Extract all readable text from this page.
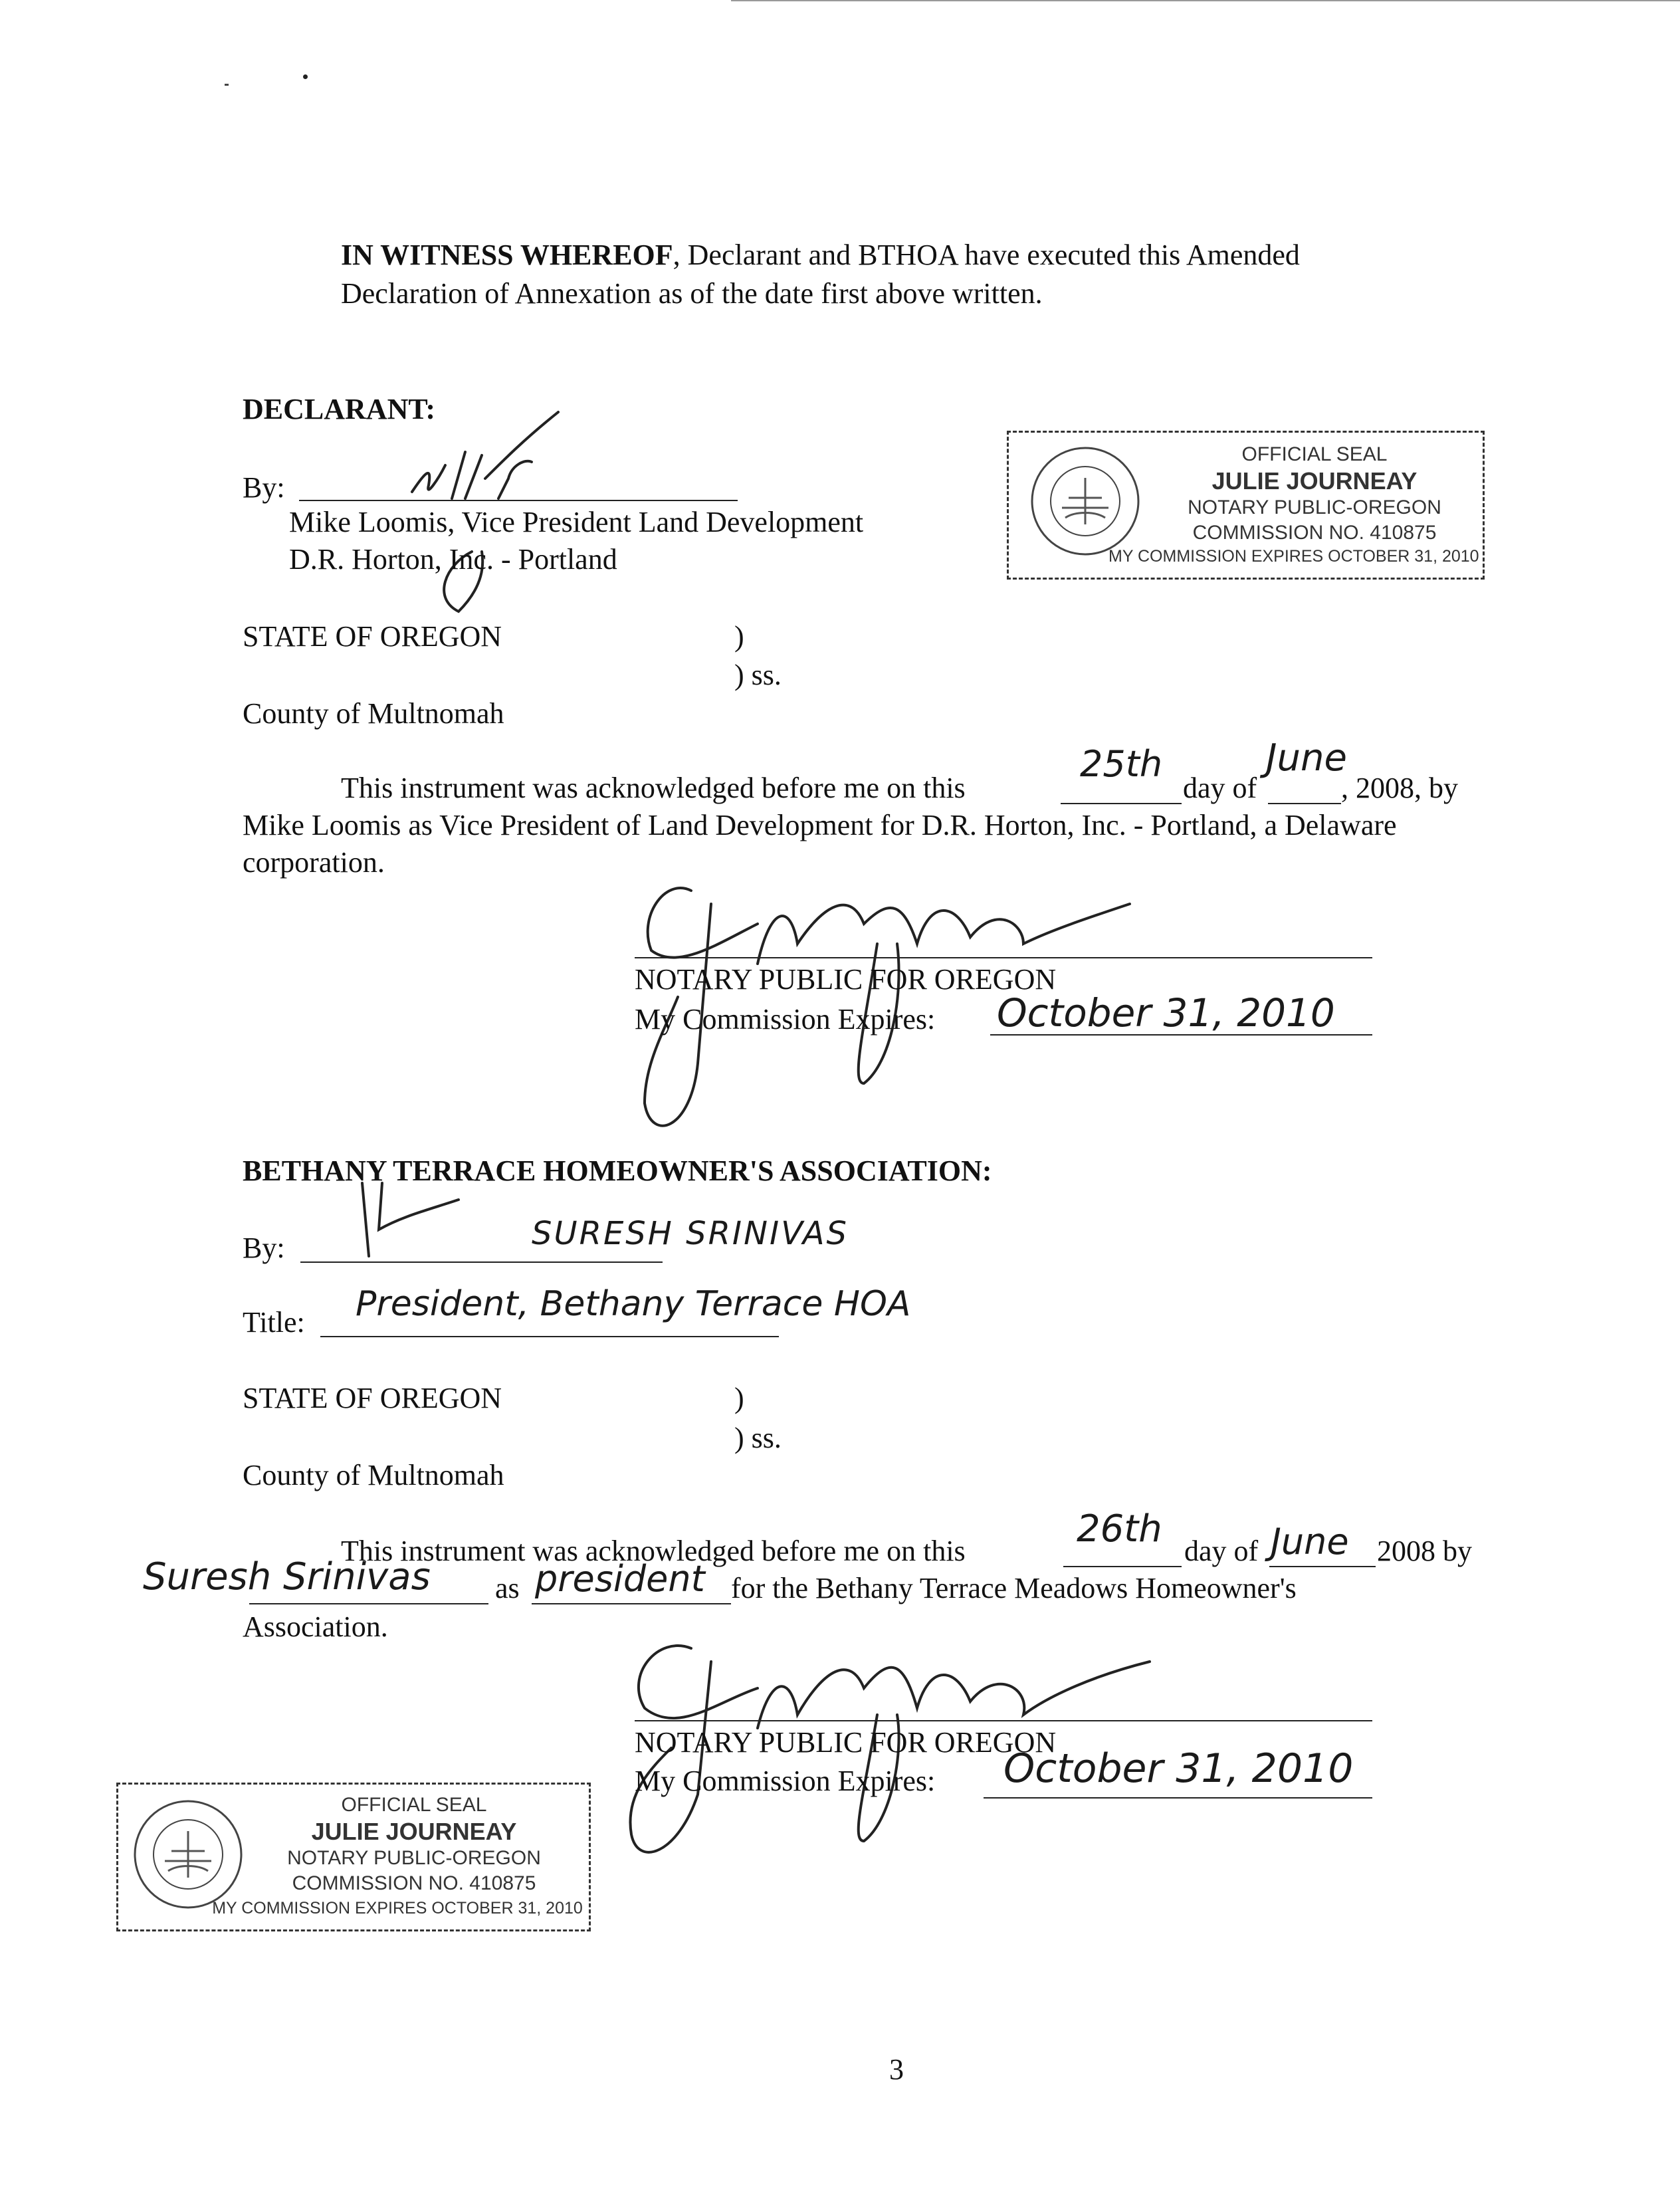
IN WITNESS WHEREOF, Declarant and BTHOA have executed this Amended
Declaration of Annexation as of the date first above written.
DECLARANT:
By:
Mike Loomis, Vice President Land Development
D.R. Horton, Inc. - Portland
OFFICIAL SEAL
JULIE JOURNEAY
NOTARY PUBLIC-OREGON
COMMISSION NO. 410875
MY COMMISSION EXPIRES OCTOBER 31, 2010
STATE OF OREGON	)
) ss.
County of Multnomah
This instrument was acknowledged before me on this
25th
day of
June
, 2008, by
Mike Loomis as Vice President of Land Development for D.R. Horton, Inc. - Portland, a Delaware
corporation.
NOTARY PUBLIC FOR OREGON
My Commission Expires: October 31, 2010
BETHANY TERRACE HOMEOWNER'S ASSOCIATION:
By:	SURESH SRINIVAS
Title: President, Bethany Terrace HOA
STATE OF OREGON	)
) ss.
County of Multnomah
This instrument was acknowledged before me on this
26th
day of June 2008 by
Suresh Srinivas as president for the Bethany Terrace Meadows Homeowner's
Association.
NOTARY PUBLIC FOR OREGON
My Commission Expires: October 31, 2010
OFFICIAL SEAL
JULIE JOURNEAY
NOTARY PUBLIC-OREGON
COMMISSION NO. 410875
MY COMMISSION EXPIRES OCTOBER 31, 2010
3
